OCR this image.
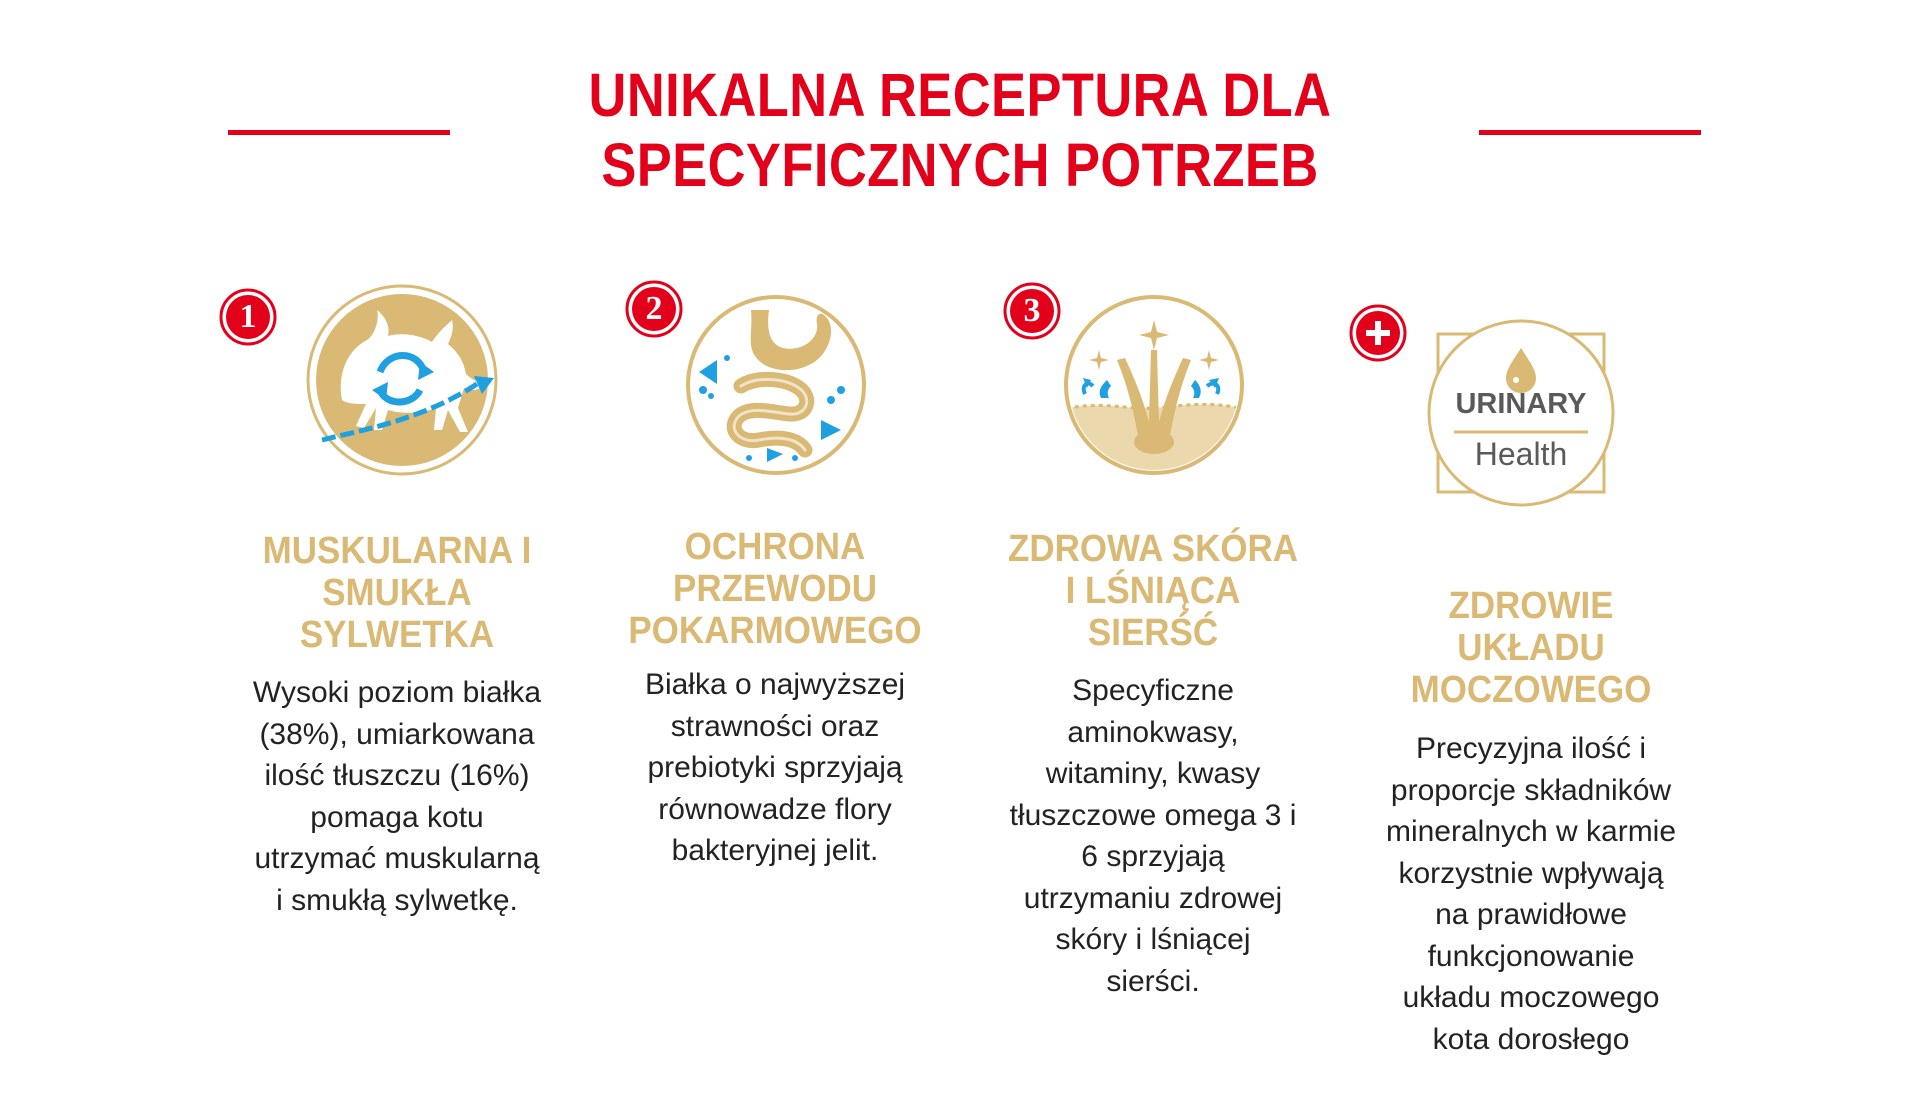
UNIKALNA RECEPTURA DLA
SPECYFICZNYCH POTRZEB
1
MUSKULARNA I
SMUKŁA
SYLWETKA
Wysoki poziom białka
(38%), umiarkowana
ilość tłuszczu (16%)
pomaga kotu
utrzymać muskularną
i smukłą sylwetkę.
2
OCHRONA
PRZEWODU
POKARMOWEGO
Białka o najwyższej
strawności oraz
prebiotyki sprzyjają
równowadze flory
bakteryjnej jelit.
3
ZDROWA SKÓRA
I LŚNIĄCA
SIERŚĆ
Specyficzne
aminokwasy,
witaminy, kwasy
tłuszczowe omega 3 i
6 sprzyjają
utrzymaniu zdrowej
skóry i lśniącej
sierści.
URINARY
Health
ZDROWIE
UKŁADU
MOCZOWEGO
Precyzyjna ilość i
proporcje składników
mineralnych w karmie
korzystnie wpływają
na prawidłowe
funkcjonowanie
układu moczowego
kota dorosłego
